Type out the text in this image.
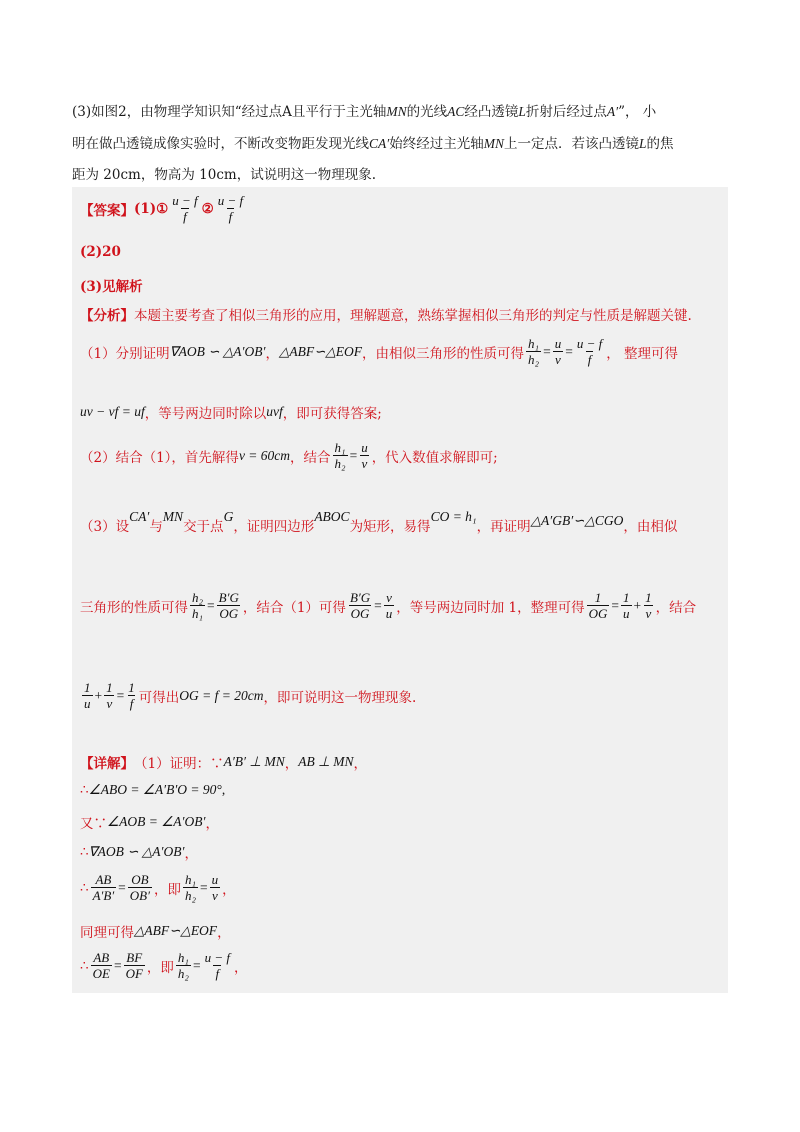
(3)如图2，由物理学知识知“经过点A且平行于主光轴MN的光线AC经凸透镜L折射后经过点A′”， 小
明在做凸透镜成像实验时，不断改变物距发现光线CA′始终经过主光轴MN上一定点．若该凸透镜L的焦
距为 20cm，物高为 10cm，试说明这一物理现象.
【答案】 (1)① $\frac{u - f}{f}$ ② $\frac{u - f}{f}$
(2)20
(3)见解析
【分析】 本题主要考查了相似三角形的应用，理解题意，熟练掌握相似三角形的判定与性质是解题关键.
（1）分别证明 ∇AOB ∽ △A′OB′ ， △ABF∽△EOF ，由相似三角形的性质可得 $\frac{\text{h₁}}{\text{h₂}} = \frac{u}{v} = \frac{u - f}{f}$ ， 整理可得
uv − vf = uf ，等号两边同时除以 uvf ，即可获得答案;
（2）结合（1），首先解得 v = 60cm ，结合 $\frac{\text{h₁}}{\text{h₂}} = \frac{u}{v}$ ，代入数值求解即可;
（3）设
CA′
与
MN
交于点
G
，证明四边形
ABOC
为矩形，易得
CO = h₁
，再证明 △A′GB′∽△CGO ，由相似
三角形的性质可得 $\frac{\text{h₂}}{\text{h₁}} = \frac{B'G}{OG}$ ，结合（1）可得 $\frac{B'G}{OG} = \frac{v}{u}$ ，等号两边同时加 1，整理可得 $\frac{1}{OG} = \frac{1}{u} + \frac{1}{v}$ ，结合
$\frac{1}{u} + \frac{1}{v} = \frac{1}{f}$ 可得出 OG = f = 20cm ，即可说明这一物理现象.
【详解】 （1）证明：∵ A′B′ ⊥ MN ， AB ⊥ MN ，
∴ ∠ABO = ∠A′B′O = 90° ,
又∵ ∠AOB = ∠A′OB′ ，
∴ ∇AOB ∽ △A′OB′ ，
∴ $\frac{AB}{A'B'} = \frac{OB}{OB'}$ ，即 $\frac{\text{h₁}}{\text{h₂}} = \frac{u}{v}$ ，
同理可得 △ABF∽△EOF ，
∴ $\frac{AB}{OE} = \frac{BF}{OF}$ ，即 $\frac{\text{h₁}}{\text{h₂}} = \frac{u - f}{f}$ ，
